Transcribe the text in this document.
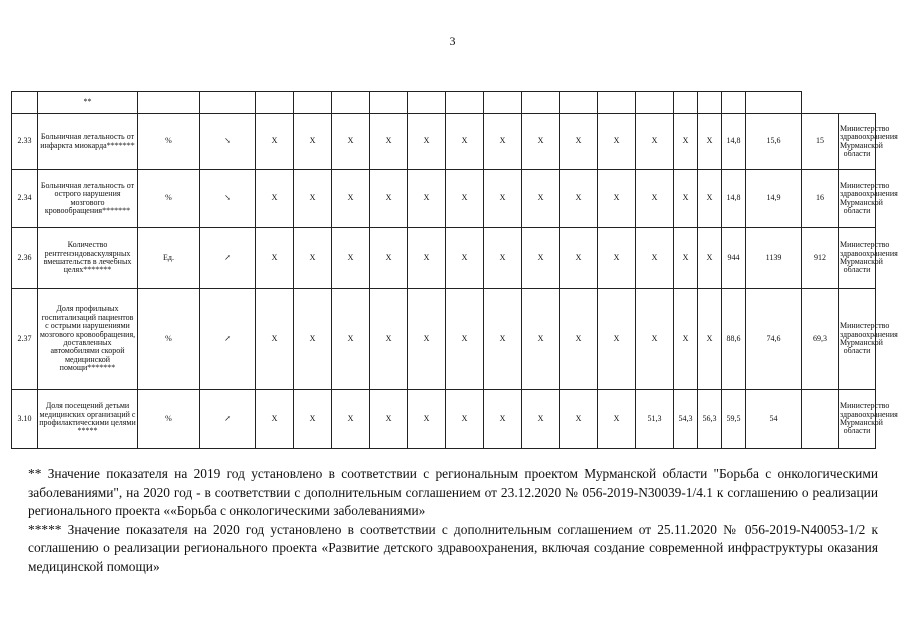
3
	**																			
2.33	Больничная летальность от инфаркта миокарда*******	%	↘	X	X	X	X	X	X	X	X	X	X	X	X	X	14,8	15,6	15	Министерство здравоохранения Мурманской области
2.34	Больничная летальность от острого нарушения мозгового кровообращения*******	%	↘	X	X	X	X	X	X	X	X	X	X	X	X	X	14,8	14,9	16	Министерство здравоохранения Мурманской области
2.36	Количество рентгенэндоваскулярных вмешательств в лечебных целях*******	Ед.	↗	X	X	X	X	X	X	X	X	X	X	X	X	X	944	1139	912	Министерство здравоохранения Мурманской области
2.37	Доля профильных госпитализаций пациентов с острыми нарушениями мозгового кровообращения, доставленных автомобилями скорой медицинской помощи*******	%	↗	X	X	X	X	X	X	X	X	X	X	X	X	X	88,6	74,6	69,3	Министерство здравоохранения Мурманской области
3.10	Доля посещений детьми медицинских организаций с профилактическими целями *****	%	↗	X	X	X	X	X	X	X	X	X	X	51,3	54,3	56,3	59,5	54		Министерство здравоохранения Мурманской области

** Значение показателя на 2019 год установлено в соответствии с региональным проектом Мурманской области "Борьба с онкологическими заболеваниями", на 2020 год - в соответствии с дополнительным соглашением от 23.12.2020 № 056-2019-N30039-1/4.1 к соглашению о реализации регионального проекта ««Борьба с онкологическими заболеваниями»

***** Значение показателя на 2020 год установлено в соответствии с дополнительным соглашением от 25.11.2020 № 056-2019-N40053-1/2 к соглашению о реализации регионального проекта «Развитие детского здравоохранения, включая создание современной инфраструктуры оказания медицинской помощи»
